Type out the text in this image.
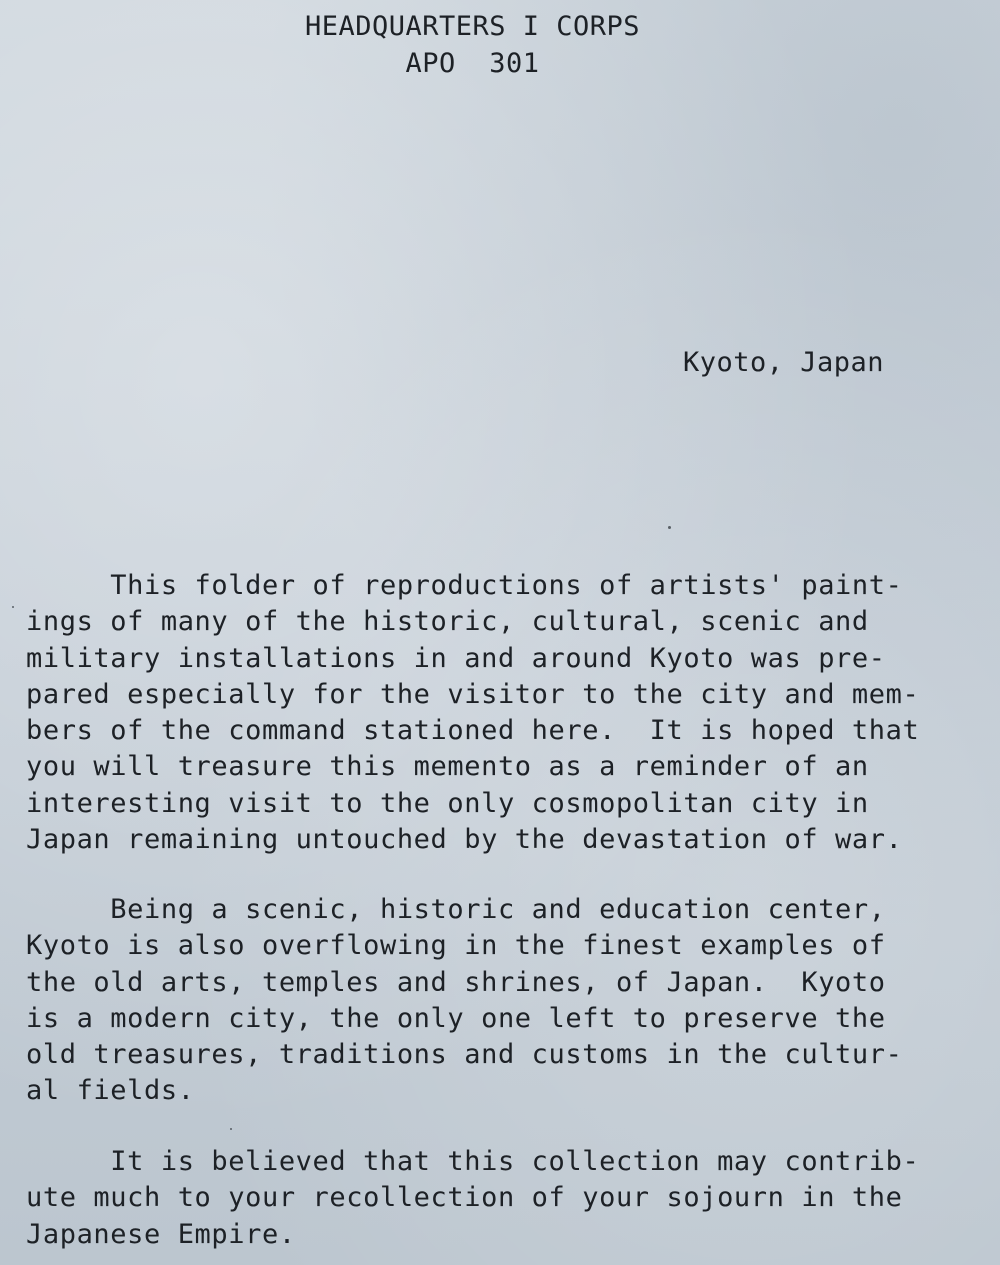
HEADQUARTERS I CORPS
APO  301
Kyoto, Japan
This folder of reproductions of artists' paint-
ings of many of the historic, cultural, scenic and
military installations in and around Kyoto was pre-
pared especially for the visitor to the city and mem-
bers of the command stationed here.  It is hoped that
you will treasure this memento as a reminder of an
interesting visit to the only cosmopolitan city in
Japan remaining untouched by the devastation of war.
Being a scenic, historic and education center,
Kyoto is also overflowing in the finest examples of
the old arts, temples and shrines, of Japan.  Kyoto
is a modern city, the only one left to preserve the
old treasures, traditions and customs in the cultur-
al fields.
It is believed that this collection may contrib-
ute much to your recollection of your sojourn in the
Japanese Empire.
